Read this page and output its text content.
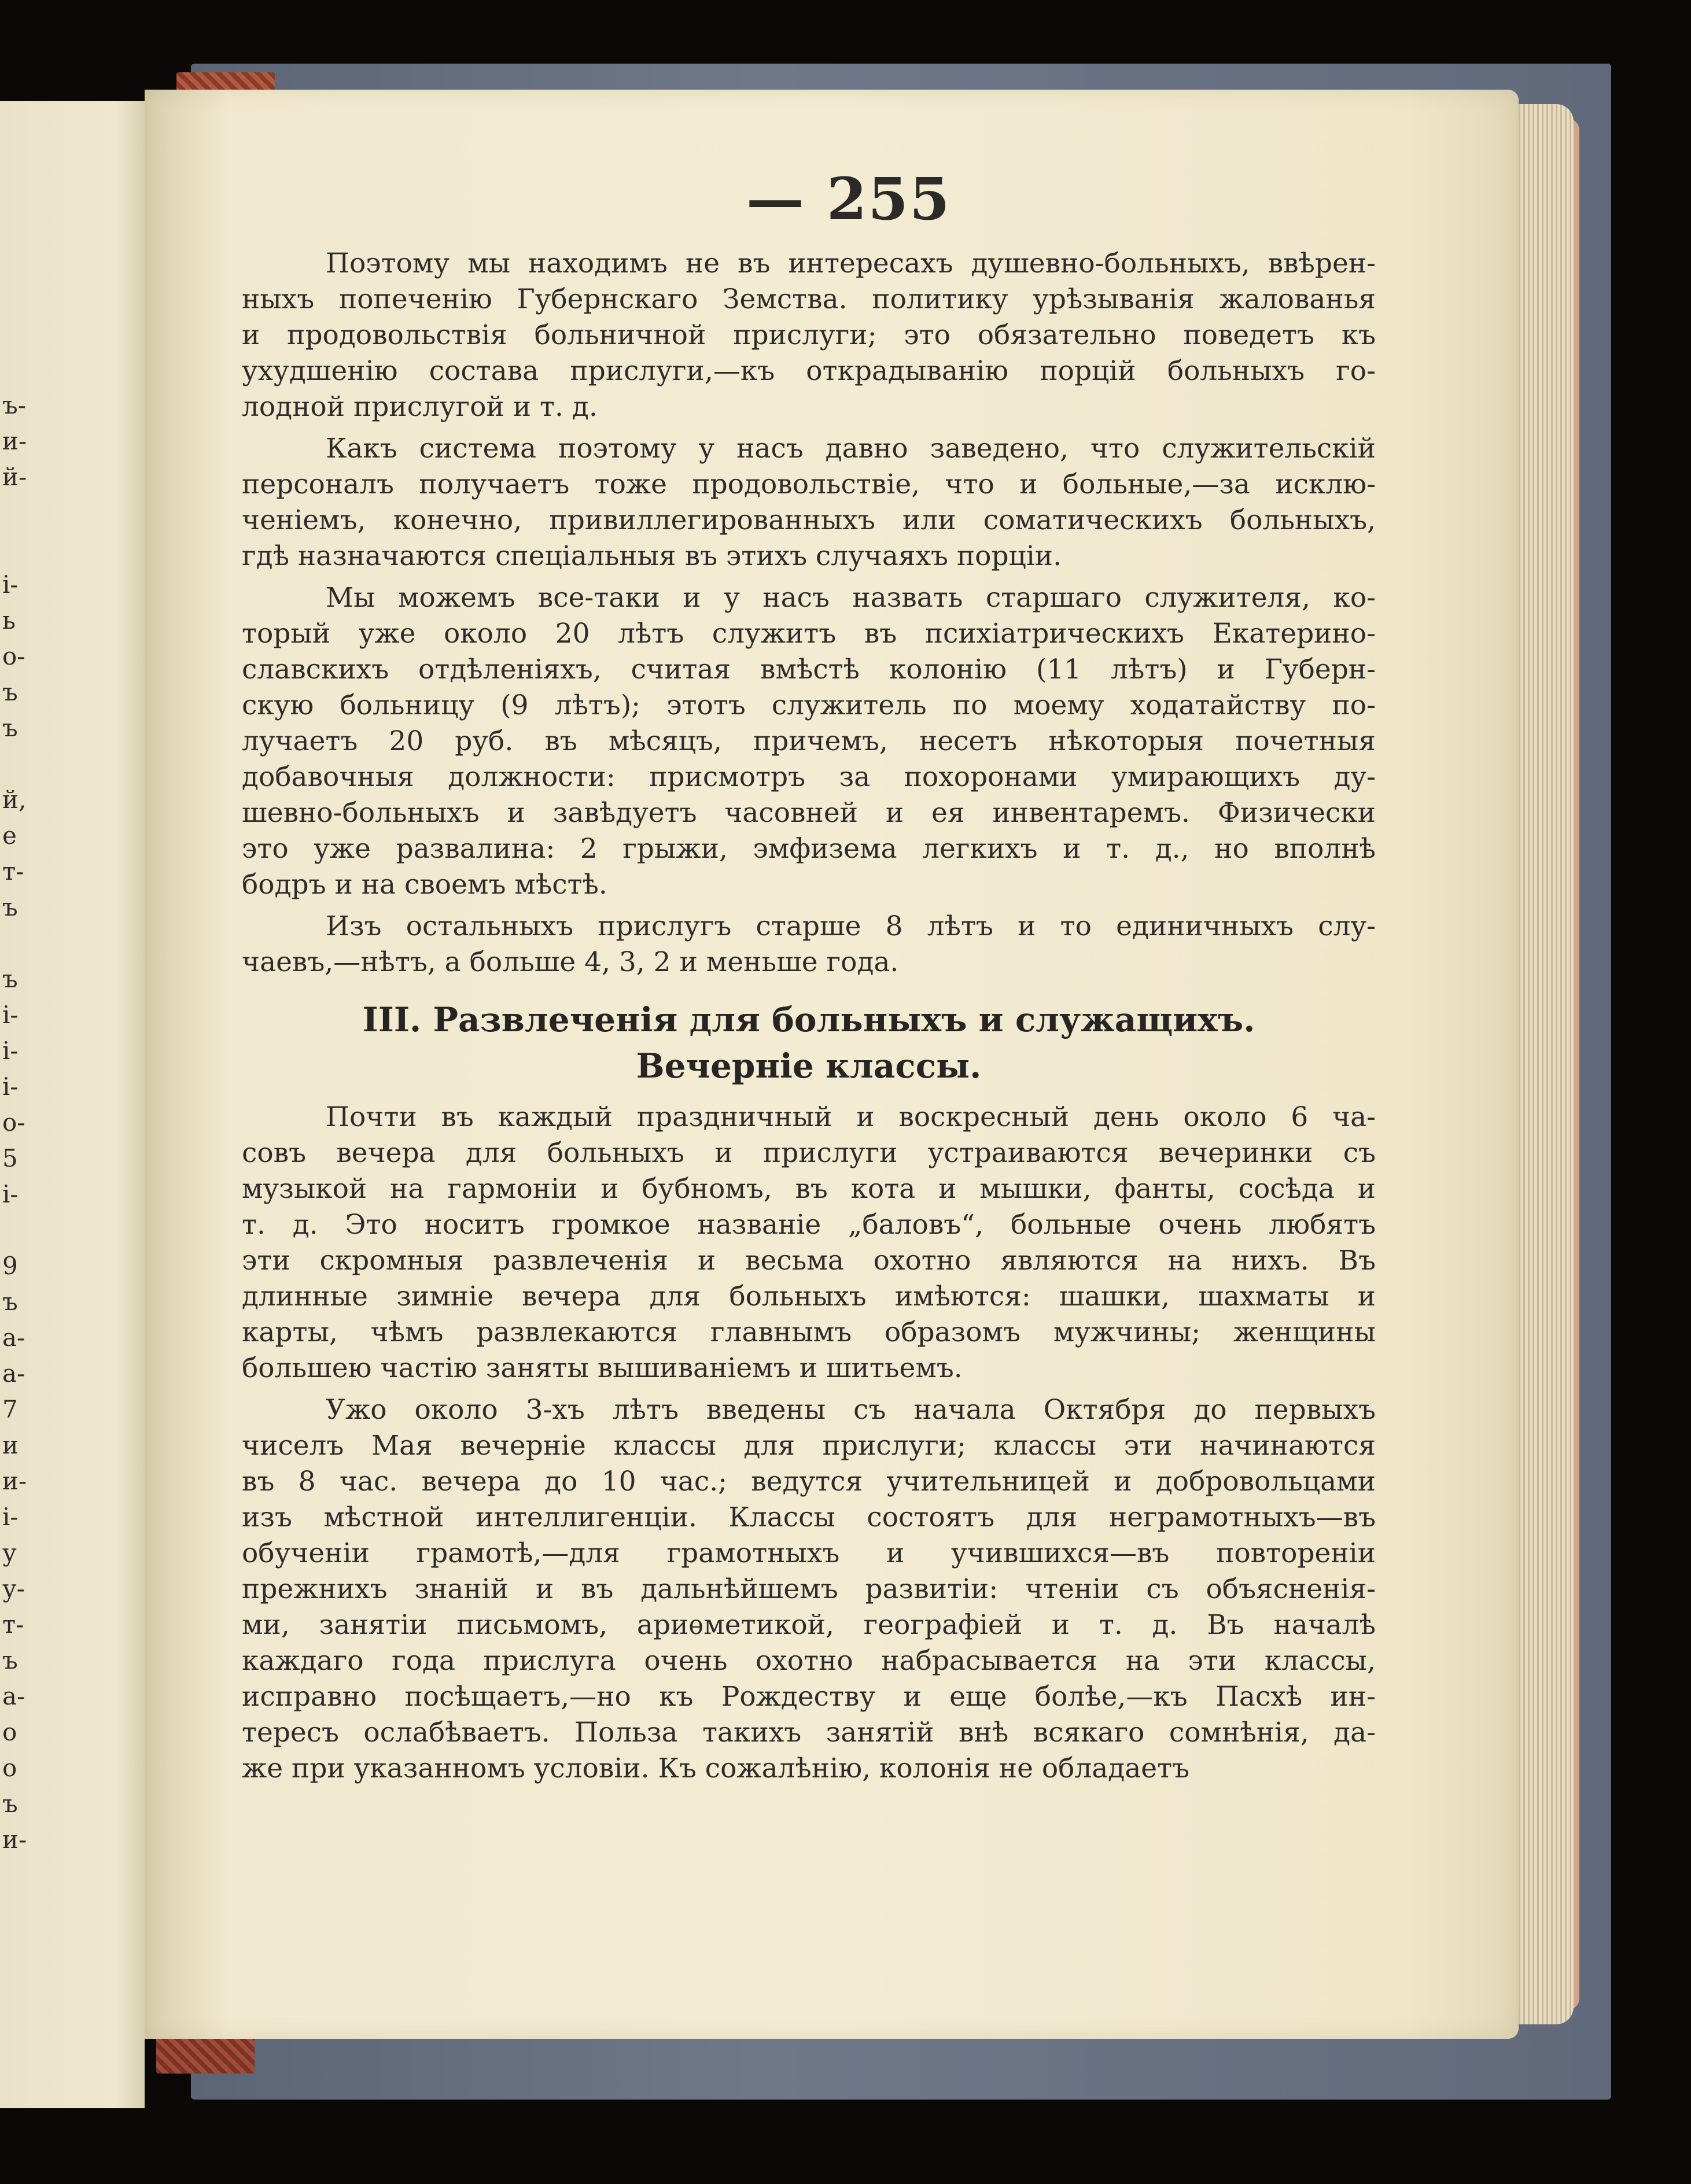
ъ-
и-
й-
і-
ь
о-
ъ
ъ
й,
е
т-
ъ
ъ
і-
і-
і-
о-
5
і-
9
ъ
а-
а-
7
и
и-
і-
у
у-
т-
ъ
а-
о
о
ъ
и-
— 255

Поэтому мы находимъ не въ интересахъ душевно-больныхъ, ввѣрен-
ныхъ попеченію Губернскаго Земства. политику урѣзыванія жалованья
и продовольствія больничной прислуги; это обязательно поведетъ къ
ухудшенію состава прислуги,—къ открадыванію порцій больныхъ го-
лодной прислугой и т. д.

Какъ система поэтому у насъ давно заведено, что служительскій
персоналъ получаетъ тоже продовольствіе, что и больные,—за исклю-
ченіемъ, конечно, привиллегированныхъ или соматическихъ больныхъ,
гдѣ назначаются спеціальныя въ этихъ случаяхъ порціи.

Мы можемъ все-таки и у насъ назвать старшаго служителя, ко-
торый уже около 20 лѣтъ служитъ въ психіатрическихъ Екатерино-
славскихъ отдѣленіяхъ, считая вмѣстѣ колонію (11 лѣтъ) и Губерн-
скую больницу (9 лѣтъ); этотъ служитель по моему ходатайству по-
лучаетъ 20 руб. въ мѣсяцъ, причемъ, несетъ нѣкоторыя почетныя
добавочныя должности: присмотръ за похоронами умирающихъ ду-
шевно-больныхъ и завѣдуетъ часовней и ея инвентаремъ. Физически
это уже развалина: 2 грыжи, эмфизема легкихъ и т. д., но вполнѣ
бодръ и на своемъ мѣстѣ.

Изъ остальныхъ прислугъ старше 8 лѣтъ и то единичныхъ слу-
чаевъ,—нѣтъ, а больше 4, 3, 2 и меньше года.

III. Развлеченія для больныхъ и служащихъ.
Вечерніе классы.

Почти въ каждый праздничный и воскресный день около 6 ча-
совъ вечера для больныхъ и прислуги устраиваются вечеринки съ
музыкой на гармоніи и бубномъ, въ кота и мышки, фанты, сосѣда и
т. д. Это носитъ громкое названіе „баловъ“, больные очень любятъ
эти скромныя развлеченія и весьма охотно являются на нихъ. Въ
длинные зимніе вечера для больныхъ имѣются: шашки, шахматы и
карты, чѣмъ развлекаются главнымъ образомъ мужчины; женщины
большею частію заняты вышиваніемъ и шитьемъ.

Ужо около 3-хъ лѣтъ введены съ начала Октября до первыхъ
чиселъ Мая вечерніе классы для прислуги; классы эти начинаются
въ 8 час. вечера до 10 час.; ведутся учительницей и добровольцами
изъ мѣстной интеллигенціи. Классы состоятъ для неграмотныхъ—въ
обученіи грамотѣ,—для грамотныхъ и учившихся—въ повтореніи
прежнихъ знаній и въ дальнѣйшемъ развитіи: чтеніи съ объясненія-
ми, занятіи письмомъ, ариѳметикой, географіей и т. д. Въ началѣ
каждаго года прислуга очень охотно набрасывается на эти классы,
исправно посѣщаетъ,—но къ Рождеству и еще болѣе,—къ Пасхѣ ин-
тересъ ослабѣваетъ. Польза такихъ занятій внѣ всякаго сомнѣнія, да-
же при указанномъ условіи. Къ сожалѣнію, колонія не обладаетъ
